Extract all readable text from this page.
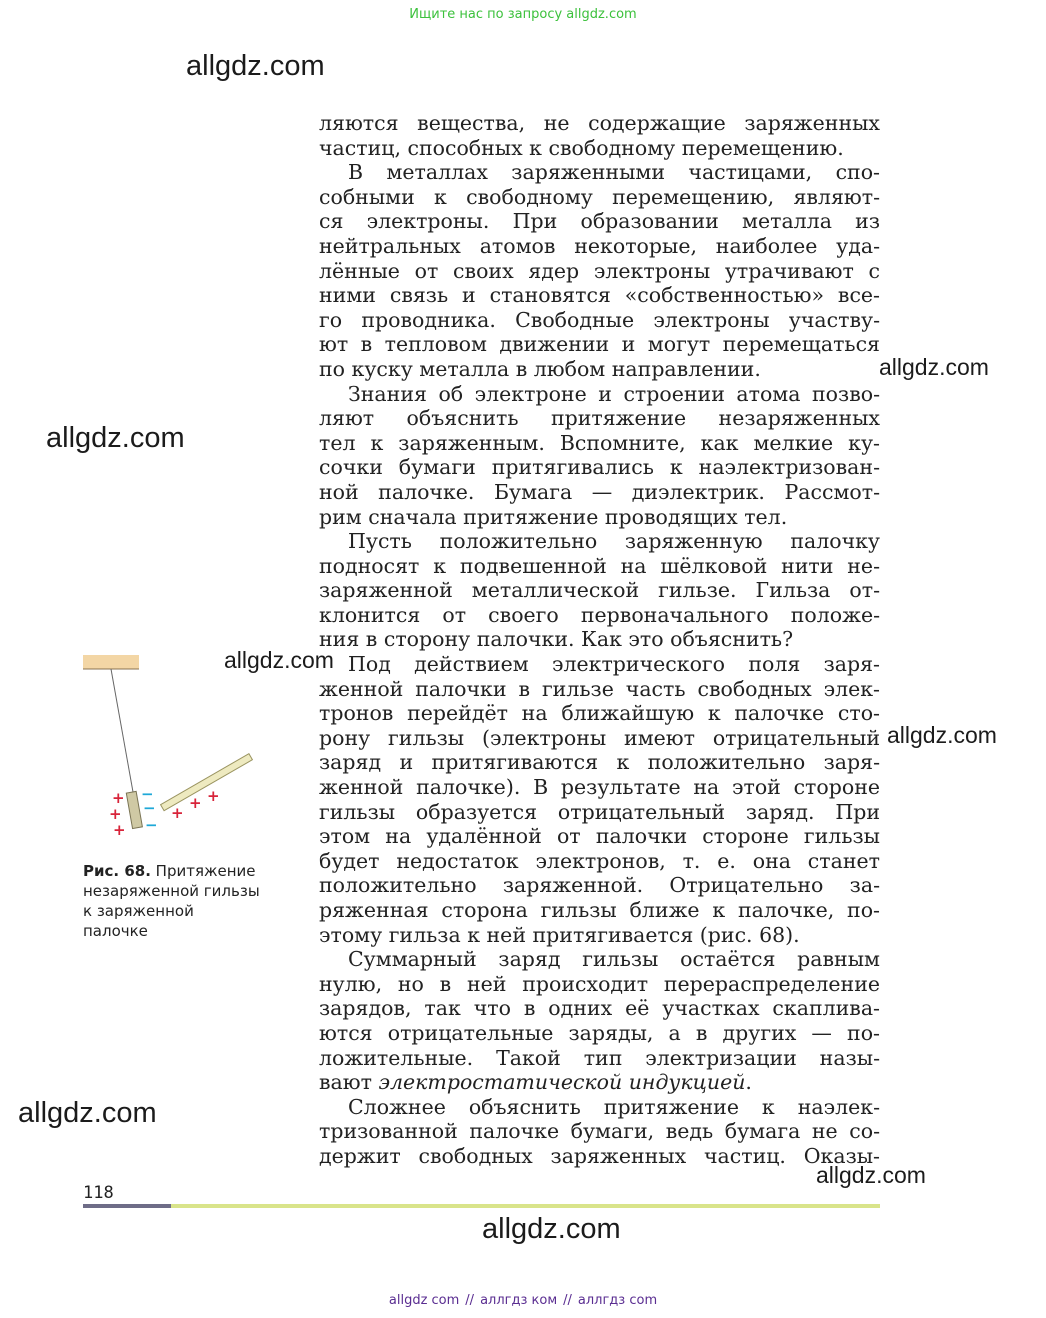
Ищите нас по запросу allgdz.com
allgdz.com
allgdz.com
allgdz.com
allgdz.com
allgdz.com
allgdz.com
allgdz.com
allgdz.com
ляются вещества, не содержащие заряженных
частиц, способных к свободному перемещению.
В металлах заряженными частицами, спо-
собными к свободному перемещению, являют-
ся электроны. При образовании металла из
нейтральных атомов некоторые, наиболее уда-
лённые от своих ядер электроны утрачивают с
ними связь и становятся «собственностью» все-
го проводника. Свободные электроны участву-
ют в тепловом движении и могут перемещаться
по куску металла в любом направлении.
Знания об электроне и строении атома позво-
ляют объяснить притяжение незаряженных
тел к заряженным. Вспомните, как мелкие ку-
сочки бумаги притягивались к наэлектризован-
ной палочке. Бумага — диэлектрик. Рассмот-
рим сначала притяжение проводящих тел.
Пусть положительно заряженную палочку
подносят к подвешенной на шёлковой нити не-
заряженной металлической гильзе. Гильза от-
клонится от своего первоначального положе-
ния в сторону палочки. Как это объяснить?
Под действием электрического поля заря-
женной палочки в гильзе часть свободных элек-
тронов перейдёт на ближайшую к палочке сто-
рону гильзы (электроны имеют отрицательный
заряд и притягиваются к положительно заря-
женной палочке). В результате на этой стороне
гильзы образуется отрицательный заряд. При
этом на удалённой от палочки стороне гильзы
будет недостаток электронов, т. е. она станет
положительно заряженной. Отрицательно за-
ряженная сторона гильзы ближе к палочке, по-
этому гильза к ней притягивается (рис. 68).
Суммарный заряд гильзы остаётся равным
нулю, но в ней происходит перераспределение
зарядов, так что в одних её участках скаплива-
ются отрицательные заряды, а в других — по-
ложительные. Такой тип электризации назы-
вают электростатической индукцией.
Сложнее объяснить притяжение к наэлек-
тризованной палочке бумаги, ведь бумага не со-
держит свободных заряженных частиц. Оказы-
+
+
+
−
−
−
+
+ +
Рис. 68. Притяжение
незаряженной гильзы
к заряженной
палочке
118
allgdz com // аллгдз ком // аллгдз com
